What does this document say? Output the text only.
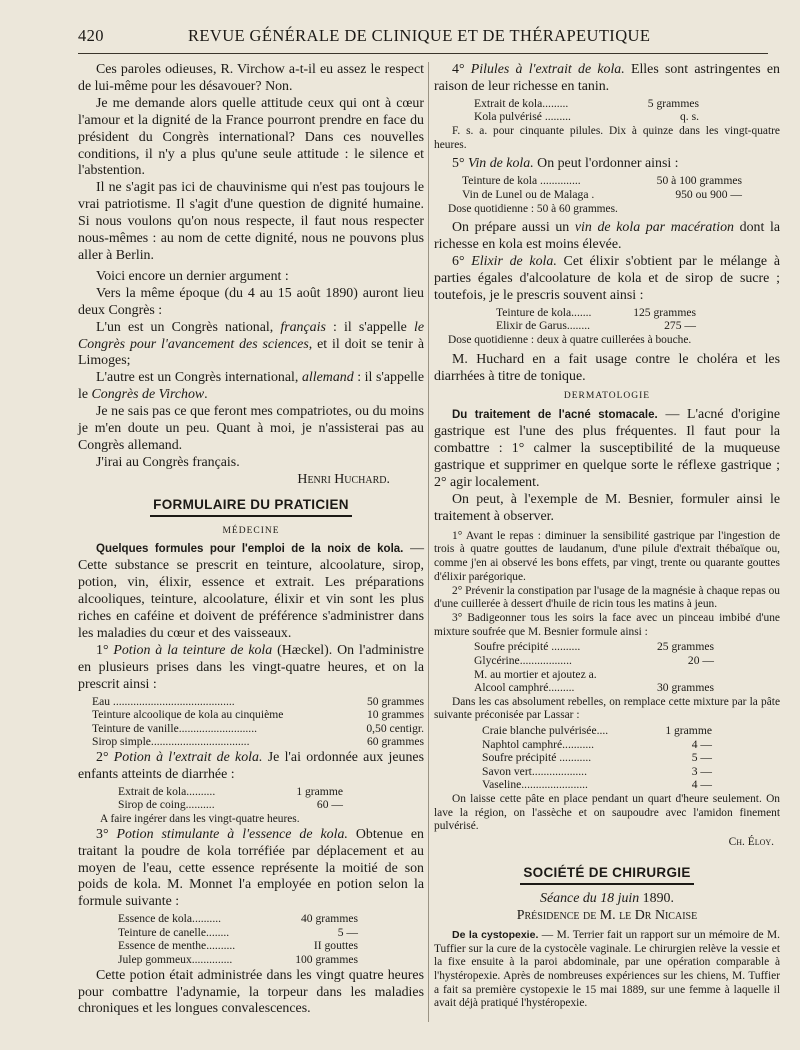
420	REVUE GÉNÉRALE DE CLINIQUE ET DE THÉRAPEUTIQUE

Ces paroles odieuses, R. Virchow a-t-il eu assez le respect de lui-même pour les désavouer? Non.

Je me demande alors quelle attitude ceux qui ont à cœur l'amour et la dignité de la France pourront prendre en face du président du Congrès international? Dans ces nouvelles conditions, il n'y a plus qu'une seule attitude : le silence et l'abstention.

Il ne s'agit pas ici de chauvinisme qui n'est pas toujours le vrai patriotisme. Il s'agit d'une question de dignité humaine. Si nous voulons qu'on nous respecte, il faut nous respecter nous-mêmes : au nom de cette dignité, nous ne pouvons plus aller à Berlin.

Voici encore un dernier argument :

Vers la même époque (du 4 au 15 août 1890) auront lieu deux Congrès :

L'un est un Congrès national, français : il s'appelle le Congrès pour l'avancement des sciences, et il doit se tenir à Limoges;

L'autre est un Congrès international, allemand : il s'appelle le Congrès de Virchow.

Je ne sais pas ce que feront mes compatriotes, ou du moins je m'en doute un peu. Quant à moi, je n'assisterai pas au Congrès allemand.

J'irai au Congrès français.

Henri Huchard.

FORMULAIRE DU PRATICIEN
MÉDECINE

Quelques formules pour l'emploi de la noix de kola. — Cette substance se prescrit en teinture, alcoolature, sirop, potion, vin, élixir, essence et extrait. Les préparations alcooliques, teinture, alcoolature, élixir et vin sont les plus riches en caféine et doivent de préférence s'administrer dans les maladies du cœur et des vaisseaux.

1° Potion à la teinture de kola (Hæckel). On l'administre en plusieurs prises dans les vingt-quatre heures, et on la prescrit ainsi :

Eau ..........................................	50 grammes
Teinture alcoolique de kola au cinquième	10 grammes
Teinture de vanille...........................	0,50 centigr.
Sirop simple..................................	60 grammes

2° Potion à l'extrait de kola. Je l'ai ordonnée aux jeunes enfants atteints de diarrhée :

Extrait de kola..........	1 gramme
Sirop de coing..........	60 —

A faire ingérer dans les vingt-quatre heures.

3° Potion stimulante à l'essence de kola. Obtenue en traitant la poudre de kola torréfiée par déplacement et au moyen de l'eau, cette essence représente la moitié de son poids de kola. M. Monnet l'a employée en potion selon la formule suivante :

Essence de kola..........	40 grammes
Teinture de canelle........	5 —
Essence de menthe..........	II gouttes
Julep gommeux..............	100 grammes

Cette potion était administrée dans les vingt quatre heures pour combattre l'adynamie, la torpeur dans les maladies chroniques et les longues convalescences.

4° Pilules à l'extrait de kola. Elles sont astringentes en raison de leur richesse en tanin.

Extrait de kola.........	5 grammes
Kola pulvérisé .........	q. s.

F. s. a. pour cinquante pilules. Dix à quinze dans les vingt-quatre heures.

5° Vin de kola. On peut l'ordonner ainsi :

Teinture de kola ..............	50 à 100 grammes
Vin de Lunel ou de Malaga .	950 ou 900 —

Dose quotidienne : 50 à 60 grammes.

On prépare aussi un vin de kola par macération dont la richesse en kola est moins élevée.

6° Elixir de kola. Cet élixir s'obtient par le mélange à parties égales d'alcoolature de kola et de sirop de sucre ; toutefois, je le prescris souvent ainsi :

Teinture de kola.......	125 grammes
Elixir de Garus........	275 —

Dose quotidienne : deux à quatre cuillerées à bouche.

M. Huchard en a fait usage contre le choléra et les diarrhées à titre de tonique.

DERMATOLOGIE

Du traitement de l'acné stomacale. — L'acné d'origine gastrique est l'une des plus fréquentes. Il faut pour la combattre : 1° calmer la susceptibilité de la muqueuse gastrique et supprimer en quelque sorte le réflexe gastrique ; 2° agir localement.

On peut, à l'exemple de M. Besnier, formuler ainsi le traitement à observer.

1° Avant le repas : diminuer la sensibilité gastrique par l'ingestion de trois à quatre gouttes de laudanum, d'une pilule d'extrait thébaïque ou, comme j'en ai observé les bons effets, par vingt, trente ou quarante gouttes d'élixir parégorique.

2° Prévenir la constipation par l'usage de la magnésie à chaque repas ou d'une cuillerée à dessert d'huile de ricin tous les matins à jeun.

3° Badigeonner tous les soirs la face avec un pinceau imbibé d'une mixture soufrée que M. Besnier formule ainsi :

Soufre précipité ..........	25 grammes
Glycérine..................	20 —
M. au mortier et ajoutez a.
Alcool camphré.........	30 grammes

Dans les cas absolument rebelles, on remplace cette mixture par la pâte suivante préconisée par Lassar :

Craie blanche pulvérisée....	1 gramme
Naphtol camphré...........	4 —
Soufre précipité ...........	5 —
Savon vert...................	3 —
Vaseline.......................	4 —

On laisse cette pâte en place pendant un quart d'heure seulement. On lave la région, on l'assèche et on saupoudre avec l'amidon finement pulvérisé.

Ch. Éloy.

SOCIÉTÉ DE CHIRURGIE

Séance du 18 juin 1890.

Présidence de M. le Dr Nicaise

De la cystopexie. — M. Terrier fait un rapport sur un mémoire de M. Tuffier sur la cure de la cystocèle vaginale. Le chirurgien relève la vessie et la fixe ensuite à la paroi abdominale, par une opération comparable à l'hystéropexie. Après de nombreuses expériences sur les chiens, M. Tuffier a fait sa première cystopexie le 15 mai 1889, sur une femme à laquelle il avait déjà pratiqué l'hystéropexie.
